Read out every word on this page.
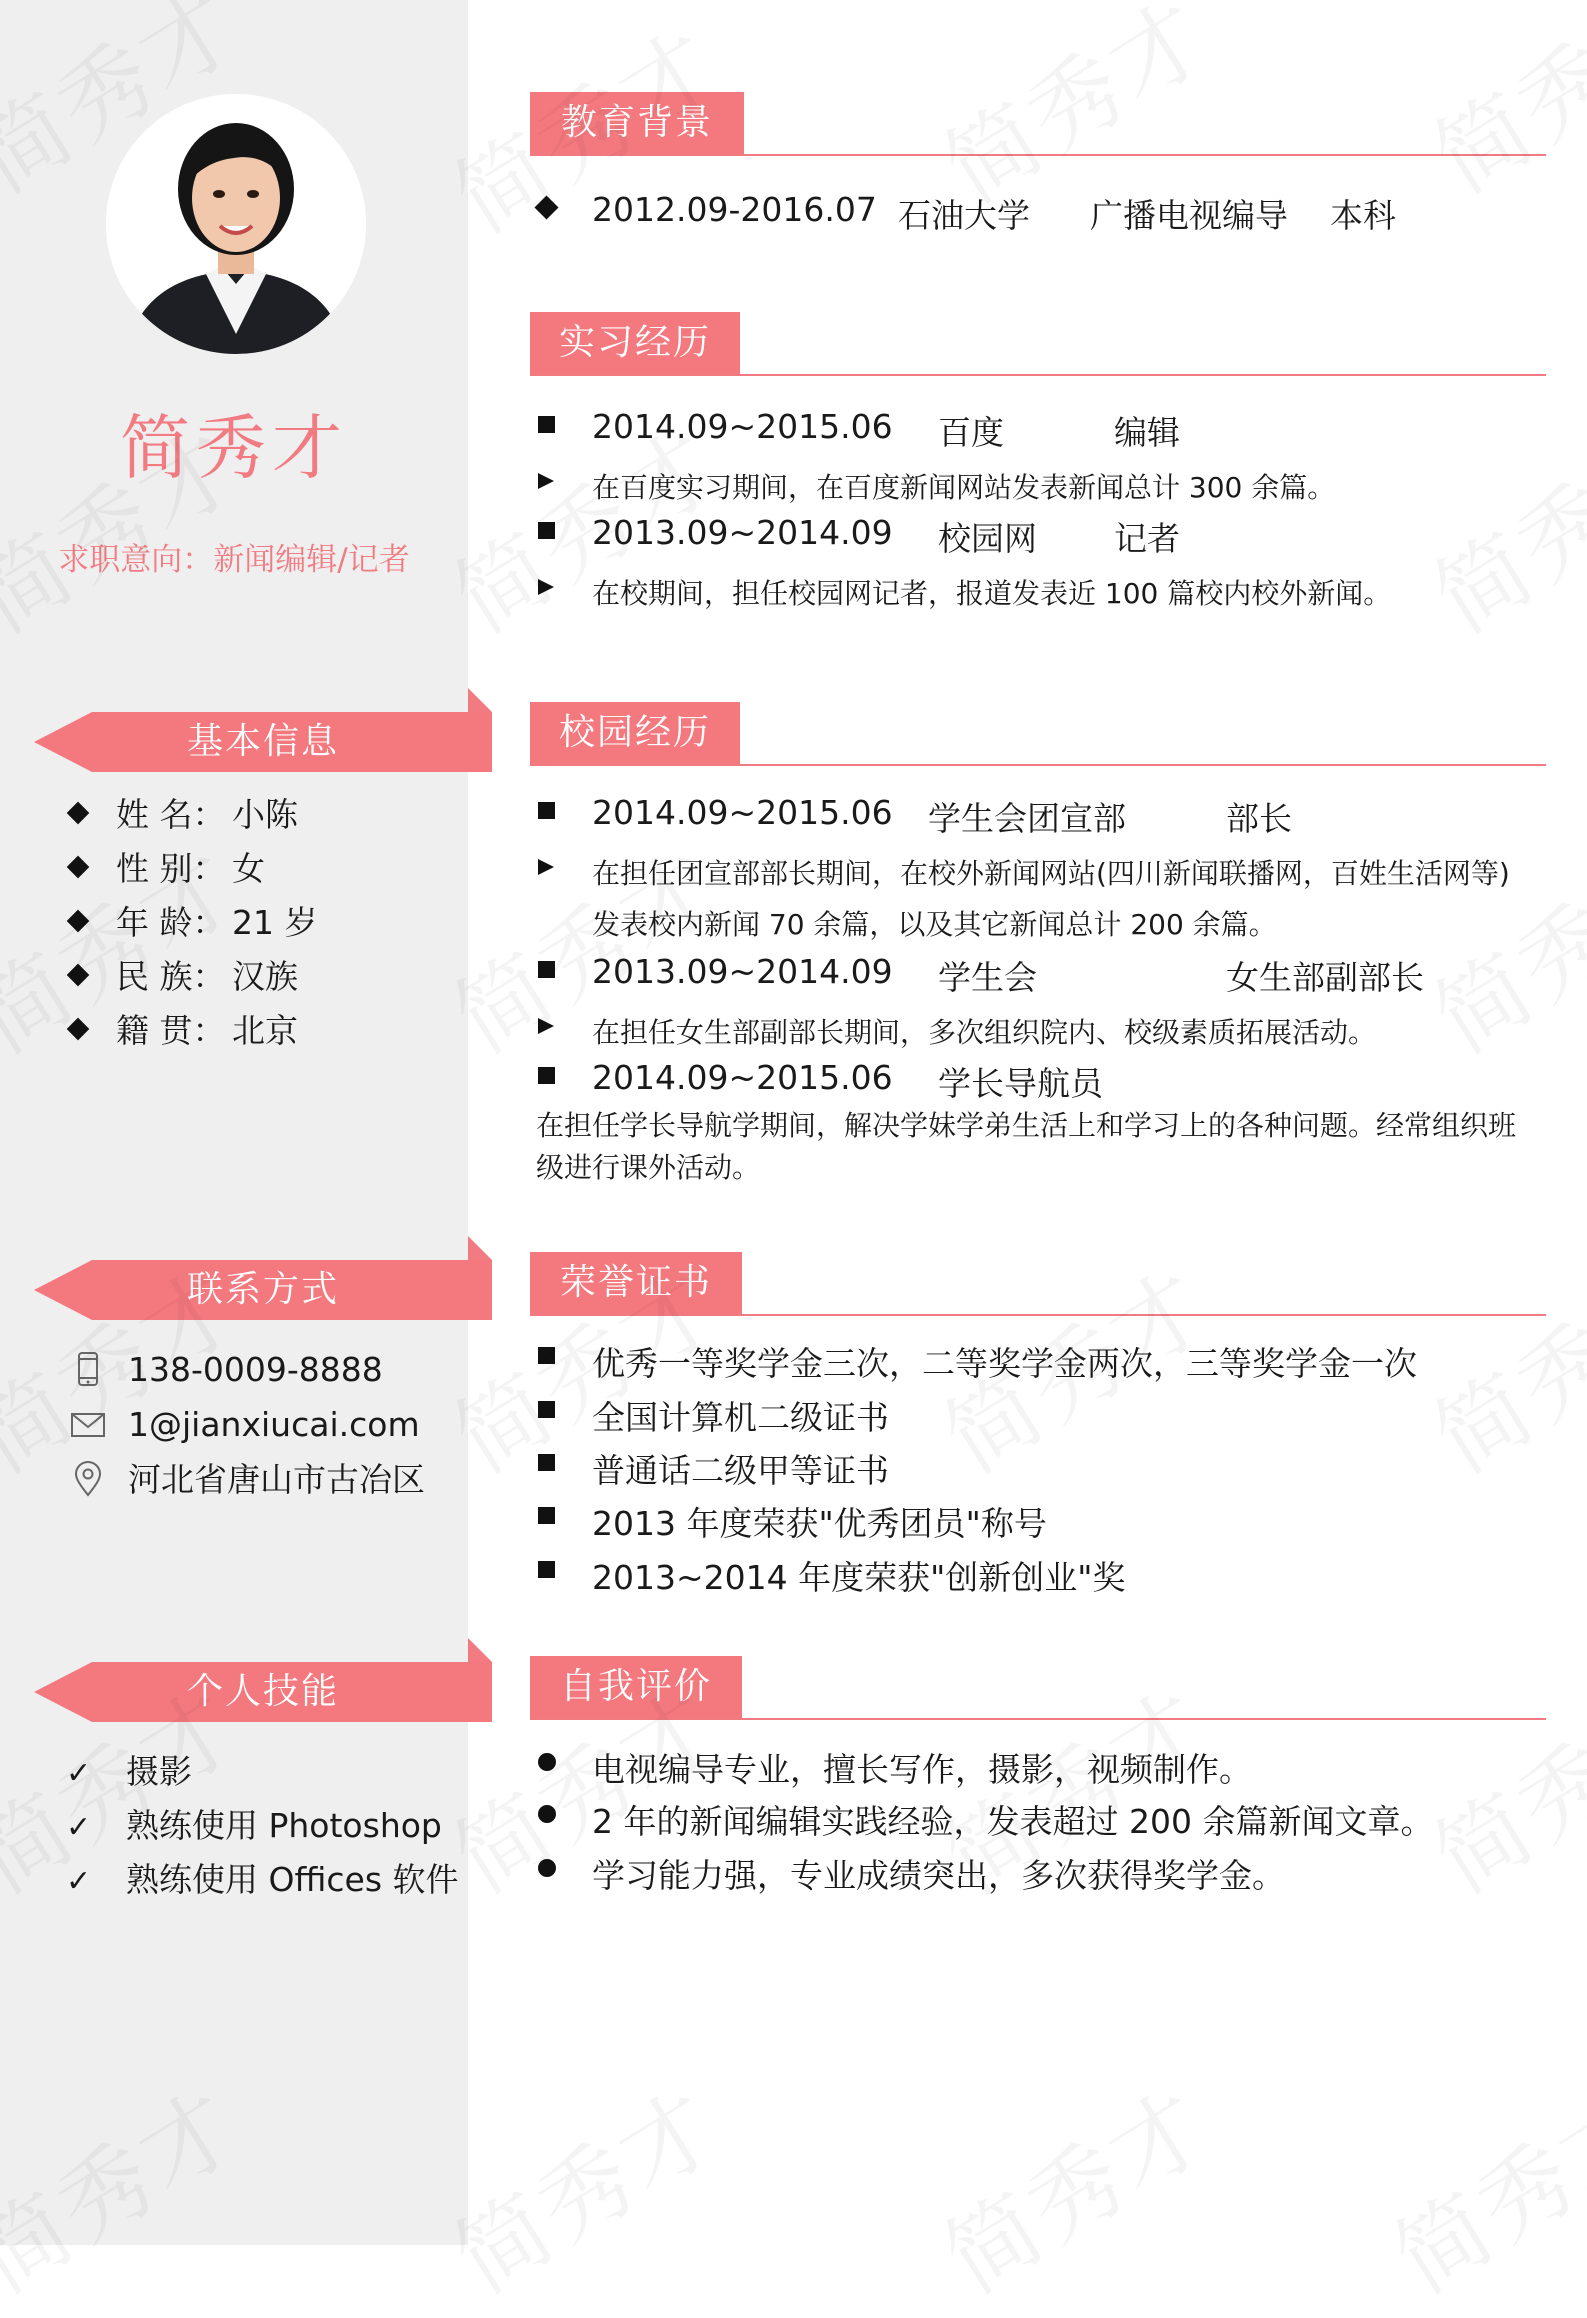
简秀才
求职意向：新闻编辑/记者
基本信息
姓 名： 小陈
性 别： 女
年 龄： 21 岁
民 族： 汉族
籍 贯： 北京
联系方式
138-0009-8888
1@jianxiucai.com
河北省唐山市古冶区
个人技能
✓ 摄影
✓ 熟练使用 Photoshop
✓ 熟练使用 Offices 软件
教育背景
2012.09-2016.07 石油大学 广播电视编导 本科
实习经历
2014.09~2015.06 百度	编辑
在百度实习期间，在百度新闻网站发表新闻总计 300 余篇。
2013.09~2014.09 校园网 记者
在校期间，担任校园网记者，报道发表近 100 篇校内校外新闻。
校园经历
2014.09~2015.06 学生会团宣部	部长
在担任团宣部部长期间，在校外新闻网站(四川新闻联播网，百姓生活网等)
发表校内新闻 70 余篇，以及其它新闻总计 200 余篇。
2013.09~2014.09 学生会	女生部副部长
在担任女生部副部长期间，多次组织院内、校级素质拓展活动。
2014.09~2015.06 学长导航员
在担任学长导航学期间，解决学妹学弟生活上和学习上的各种问题。经常组织班
级进行课外活动。
荣誉证书
优秀一等奖学金三次，二等奖学金两次，三等奖学金一次
全国计算机二级证书
普通话二级甲等证书
2013 年度荣获"优秀团员"称号
2013~2014 年度荣获"创新创业"奖
自我评价
电视编导专业，擅长写作，摄影，视频制作。
2 年的新闻编辑实践经验，发表超过 200 余篇新闻文章。
学习能力强，专业成绩突出，多次获得奖学金。
